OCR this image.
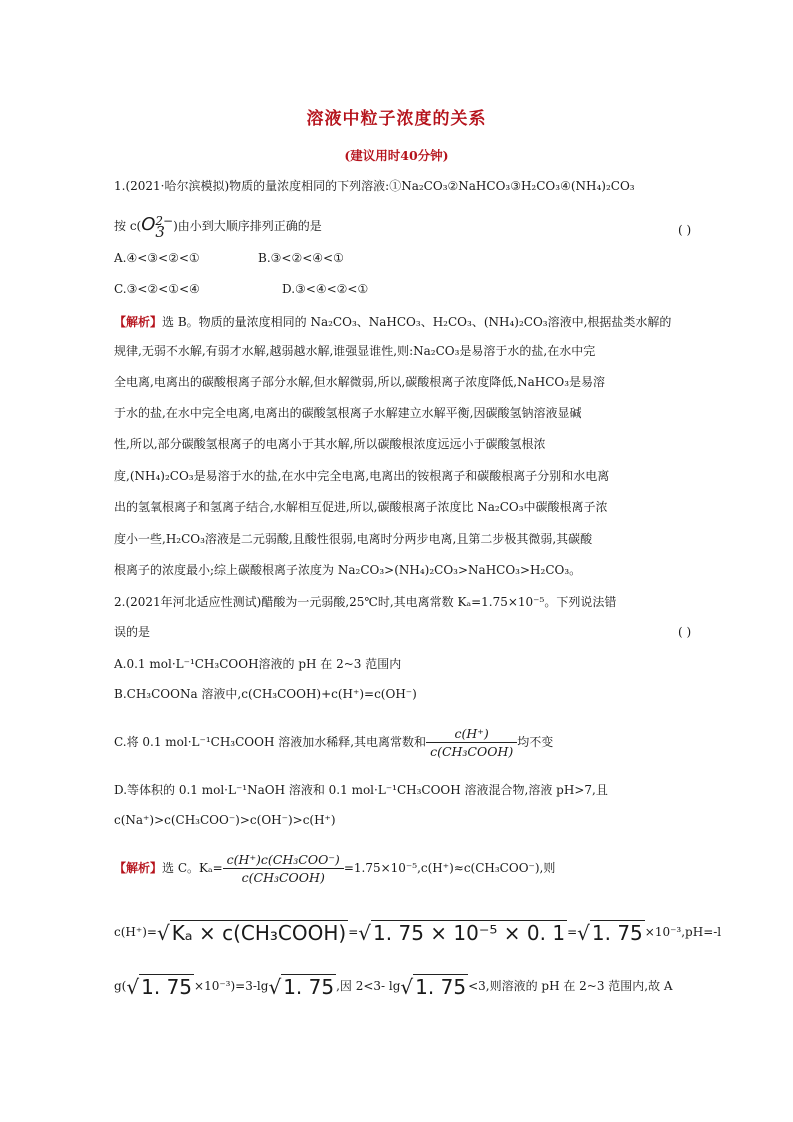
溶液中粒子浓度的关系
(建议用时40分钟)
1.(2021·哈尔滨模拟)物质的量浓度相同的下列溶液:①Na₂CO₃②NaHCO₃③H₂CO₃④(NH₄)₂CO₃
按 c(O 2−
3 )由小到大顺序排列正确的是	( )
A.④<③<②<①	B.③<②<④<①
C.③<②<①<④	D.③<④<②<①
【解析】选 B。物质的量浓度相同的 Na₂CO₃、NaHCO₃、H₂CO₃、(NH₄)₂CO₃溶液中,根据盐类水解的
规律,无弱不水解,有弱才水解,越弱越水解,谁强显谁性,则:Na₂CO₃是易溶于水的盐,在水中完
全电离,电离出的碳酸根离子部分水解,但水解微弱,所以,碳酸根离子浓度降低,NaHCO₃是易溶
于水的盐,在水中完全电离,电离出的碳酸氢根离子水解建立水解平衡,因碳酸氢钠溶液显碱
性,所以,部分碳酸氢根离子的电离小于其水解,所以碳酸根浓度远远小于碳酸氢根浓
度,(NH₄)₂CO₃是易溶于水的盐,在水中完全电离,电离出的铵根离子和碳酸根离子分别和水电离
出的氢氧根离子和氢离子结合,水解相互促进,所以,碳酸根离子浓度比 Na₂CO₃中碳酸根离子浓
度小一些,H₂CO₃溶液是二元弱酸,且酸性很弱,电离时分两步电离,且第二步极其微弱,其碳酸
根离子的浓度最小;综上碳酸根离子浓度为 Na₂CO₃>(NH₄)₂CO₃>NaHCO₃>H₂CO₃。
2.(2021年河北适应性测试)醋酸为一元弱酸,25℃时,其电离常数 Kₐ=1.75×10⁻⁵。下列说法错
误的是	( )
A.0.1 mol·L⁻¹CH₃COOH溶液的 pH 在 2~3 范围内
B.CH₃COONa 溶液中,c(CH₃COOH)+c(H⁺)=c(OH⁻)
C.将 0.1 mol·L⁻¹CH₃COOH 溶液加水稀释,其电离常数和 $\frac{c(H^+)}{\text{c(CH₃COOH)}}$ 均不变
D.等体积的 0.1 mol·L⁻¹NaOH 溶液和 0.1 mol·L⁻¹CH₃COOH 溶液混合物,溶液 pH>7,且
c(Na⁺)>c(CH₃COO⁻)>c(OH⁻)>c(H⁺)
【解析】选 C。$K_a= \frac{\text{c(H⁺)c(CH₃COO⁻)}}{\text{c(CH₃COOH)}} =1.75\times 10^{-5},c(H^+)\approx c(CH_3COO^-)$,则
c(H⁺)=√ Kₐ × c(CH₃COOH) =√ 1. 75 × 10⁻⁵ × 0. 1 =√ 1. 75 ×10⁻³,pH=-l
g(√ 1. 75 ×10⁻³)=3-lg√ 1. 75 ,因 2<3- lg√ 1. 75 <3,则溶液的 pH 在 2~3 范围内,故 A
